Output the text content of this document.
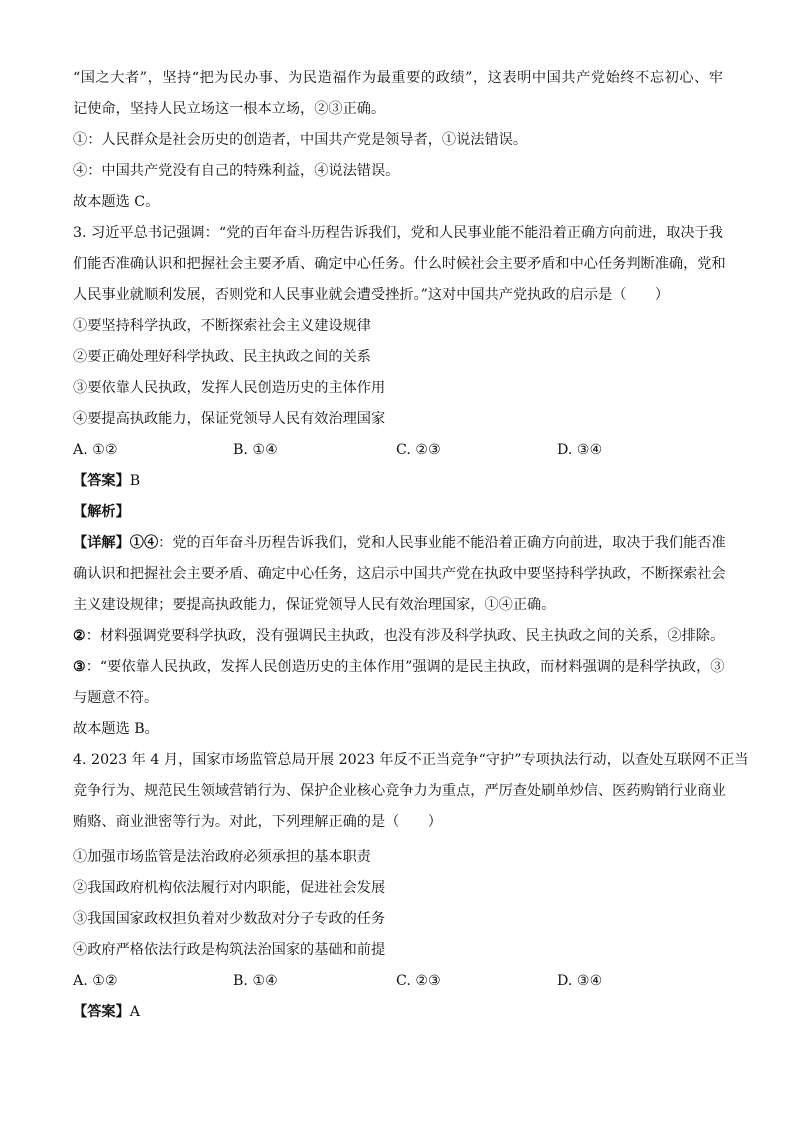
“国之大者”，坚持“把为民办事、为民造福作为最重要的政绩”，这表明中国共产党始终不忘初心、牢
记使命，坚持人民立场这一根本立场，②③正确。
①：人民群众是社会历史的创造者，中国共产党是领导者，①说法错误。
④：中国共产党没有自己的特殊利益，④说法错误。
故本题选 C。
3. 习近平总书记强调：“党的百年奋斗历程告诉我们，党和人民事业能不能沿着正确方向前进，取决于我
们能否准确认识和把握社会主要矛盾、确定中心任务。什么时候社会主要矛盾和中心任务判断准确，党和
人民事业就顺利发展，否则党和人民事业就会遭受挫折。”这对中国共产党执政的启示是（　　）
①要坚持科学执政，不断探索社会主义建设规律
②要正确处理好科学执政、民主执政之间的关系
③要依靠人民执政，发挥人民创造历史的主体作用
④要提高执政能力，保证党领导人民有效治理国家
A. ①②	B. ①④	C. ②③	D. ③④
【答案】B
【解析】
【详解】①④：党的百年奋斗历程告诉我们，党和人民事业能不能沿着正确方向前进，取决于我们能否准
确认识和把握社会主要矛盾、确定中心任务，这启示中国共产党在执政中要坚持科学执政，不断探索社会
主义建设规律；要提高执政能力，保证党领导人民有效治理国家，①④正确。
②：材料强调党要科学执政，没有强调民主执政，也没有涉及科学执政、民主执政之间的关系，②排除。
③：“要依靠人民执政，发挥人民创造历史的主体作用”强调的是民主执政，而材料强调的是科学执政，③
与题意不符。
故本题选 B。
4. 2023 年 4 月，国家市场监管总局开展 2023 年反不正当竞争“守护”专项执法行动，以查处互联网不正当
竞争行为、规范民生领域营销行为、保护企业核心竞争力为重点，严厉查处刷单炒信、医药购销行业商业
贿赂、商业泄密等行为。对此，下列理解正确的是（　　）
①加强市场监管是法治政府必须承担的基本职责
②我国政府机构依法履行对内职能，促进社会发展
③我国国家政权担负着对少数敌对分子专政的任务
④政府严格依法行政是构筑法治国家的基础和前提
A. ①②	B. ①④	C. ②③	D. ③④
【答案】A
